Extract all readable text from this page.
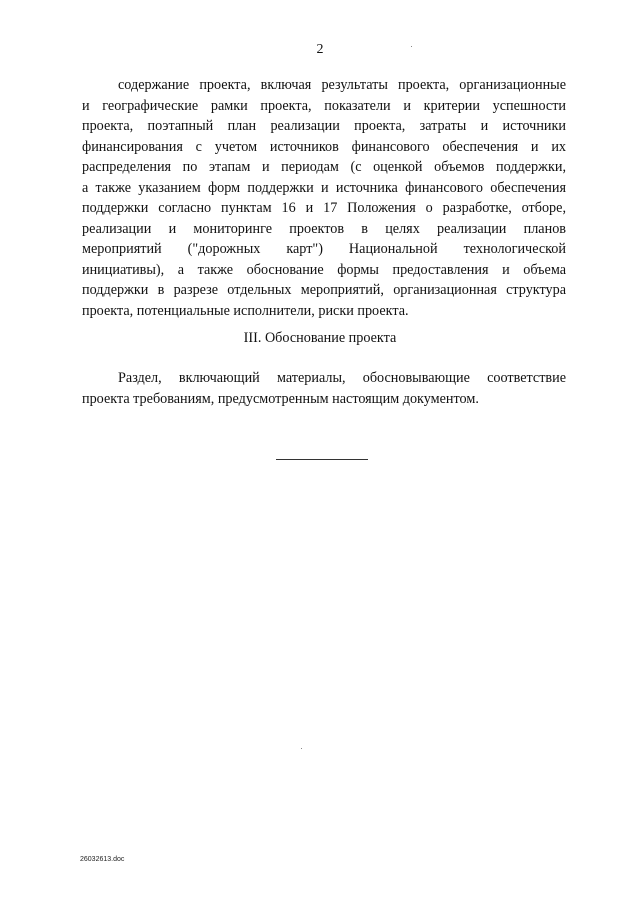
2
содержание проекта, включая результаты проекта, организационные
и географические рамки проекта, показатели и критерии успешности
проекта, поэтапный план реализации проекта, затраты и источники
финансирования с учетом источников финансового обеспечения и их
распределения по этапам и периодам (с оценкой объемов поддержки,
а также указанием форм поддержки и источника финансового обеспечения
поддержки согласно пунктам 16 и 17 Положения о разработке, отборе,
реализации и мониторинге проектов в целях реализации планов
мероприятий ("дорожных карт") Национальной технологической
инициативы), а также обоснование формы предоставления и объема
поддержки в разрезе отдельных мероприятий, организационная структура
проекта, потенциальные исполнители, риски проекта.
III. Обоснование проекта
Раздел, включающий материалы, обосновывающие соответствие
проекта требованиям, предусмотренным настоящим документом.
26032613.doc
